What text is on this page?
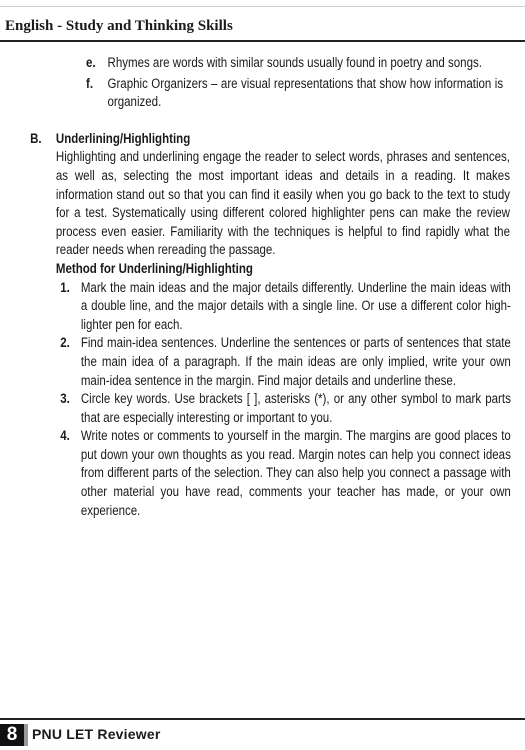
English - Study and Thinking Skills
e. Rhymes are words with similar sounds usually found in poetry and songs.
f. Graphic Organizers – are visual representations that show how information is organized.
B. Underlining/Highlighting
Highlighting and underlining engage the reader to select words, phrases and sentences, as well as, selecting the most important ideas and details in a reading. It makes information stand out so that you can find it easily when you go back to the text to study for a test. Systematically using different colored highlighter pens can make the review process even easier. Familiarity with the techniques is helpful to find rapidly what the reader needs when rereading the passage.
Method for Underlining/Highlighting
1. Mark the main ideas and the major details differently. Underline the main ideas with a double line, and the major details with a single line. Or use a different color high-lighter pen for each.
2. Find main-idea sentences. Underline the sentences or parts of sentences that state the main idea of a paragraph. If the main ideas are only implied, write your own main-idea sentence in the margin. Find major details and underline these.
3. Circle key words. Use brackets [ ], asterisks (*), or any other symbol to mark parts that are especially interesting or important to you.
4. Write notes or comments to yourself in the margin. The margins are good places to put down your own thoughts as you read. Margin notes can help you connect ideas from different parts of the selection. They can also help you connect a passage with other material you have read, comments your teacher has made, or your own experience.
8	PNU LET Reviewer
